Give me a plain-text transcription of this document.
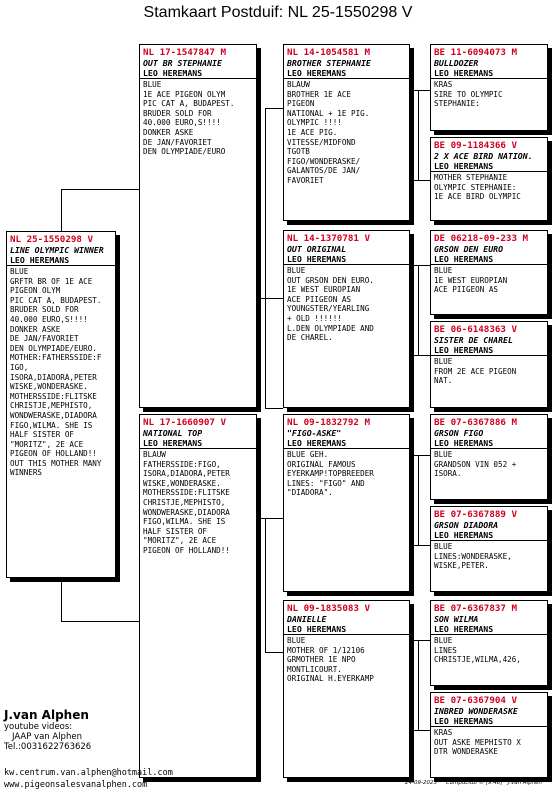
Stamkaart Postduif: NL 25-1550298 V
NL 25-1550298 V
LINE OLYMPIC WINNER
LEO HEREMANS
BLUE
GRFTR BR OF 1E ACE
PIGEON OLYM
PIC CAT A, BUDAPEST.
BRUDER SOLD FOR
40.000 EURO,S!!!!
DONKER ASKE
DE JAN/FAVORIET
DEN OLYMPIADE/EURO.
MOTHER:FATHERSSIDE:F
IGO,
ISORA,DIADORA,PETER
WISKE,WONDERASKE.
MOTHERSSIDE:FLITSKE
CHRISTJE,MEPHISTO,
WONDWERASKE,DIADORA
FIGO,WILMA. SHE IS
HALF SISTER OF
"MORITZ", 2E ACE
PIGEON OF HOLLAND!!
OUT THIS MOTHER MANY
WINNERS
NL 17-1547847 M
OUT BR STEPHANIE
LEO HEREMANS
BLUE
1E ACE PIGEON OLYM
PIC CAT A, BUDAPEST.
BRUDER SOLD FOR
40.000 EURO,S!!!!
DONKER ASKE
DE JAN/FAVORIET
DEN OLYMPIADE/EURO
NL 17-1660907 V
NATIONAL TOP
LEO HEREMANS
BLAUW
FATHERSSIDE:FIGO,
ISORA,DIADORA,PETER
WISKE,WONDERASKE.
MOTHERSSIDE:FLITSKE
CHRISTJE,MEPHISTO,
WONDWERASKE,DIADORA
FIGO,WILMA. SHE IS
HALF SISTER OF
"MORITZ", 2E ACE
PIGEON OF HOLLAND!!
NL 14-1054581 M
BROTHER STEPHANIE
LEO HEREMANS
BLAUW
BROTHER 1E ACE
PIGEON
NATIONAL + 1E PIG.
OLYMPIC !!!!
1E ACE PIG.
VITESSE/MIDFOND
TGOTB
FIGO/WONDERASKE/
GALANTOS/DE JAN/
FAVORIET
NL 14-1370781 V
OUT ORIGINAL
LEO HEREMANS
BLUE
OUT GRSON DEN EURO.
1E WEST EUROPIAN
ACE PIIGEON AS
YOUNGSTER/YEARLING
+ OLD !!!!!!
L.DEN OLYMPIADE AND
DE CHAREL.
NL 09-1832792 M
"FIGO-ASKE"
LEO HEREMANS
BLUE GEH.
ORIGINAL FAMOUS
EYERKAMP!TOPBREEDER
LINES: "FIGO" AND
"DIADORA".
NL 09-1835083 V
DANIELLE
LEO HEREMANS
BLUE
MOTHER OF 1/12106
GRMOTHER 1E NPO
MONTLICOURT.
ORIGINAL H.EYERKAMP
BE 11-6094073 M
BULLDOZER
LEO HEREMANS
KRAS
SIRE TO OLYMPIC
STEPHANIE:
BE 09-1184366 V
2 X ACE BIRD NATION.
LEO HEREMANS
MOTHER STEPHANIE
OLYMPIC STEPHANIE:
1E ACE BIRD OLYMPIC
DE 06218-09-233 M
GRSON DEN EURO
LEO HEREMANS
BLUE
1E WEST EUROPIAN
ACE PIIGEON AS
BE 06-6148363 V
SISTER DE CHAREL
LEO HEREMANS
BLUE
FROM 2E ACE PIGEON
NAT.
BE 07-6367886 M
GRSON FIGO
LEO HEREMANS
BLUE
GRANDSON VIN 052 +
ISORA.
BE 07-6367889 V
GRSON DIADORA
LEO HEREMANS
BLUE
LINES:WONDERASKE,
WISKE,PETER.
BE 07-6367837 M
SON WILMA
LEO HEREMANS
BLUE
LINES
CHRISTJE,WILMA,426,
BE 07-6367904 V
INBRED WONDERASKE
LEO HEREMANS
KRAS
OUT ASKE MEPHISTO X
DTR WONDERASKE
J.van Alphen
youtube videos:
JAAP van Alphen
Tel.:0031622763626
kw.centrum.van.alphen@hotmail.com
www.pigeonsalesvanalphen.com	24-09-2025 Compuclub © [9.48] J.van Alphen
